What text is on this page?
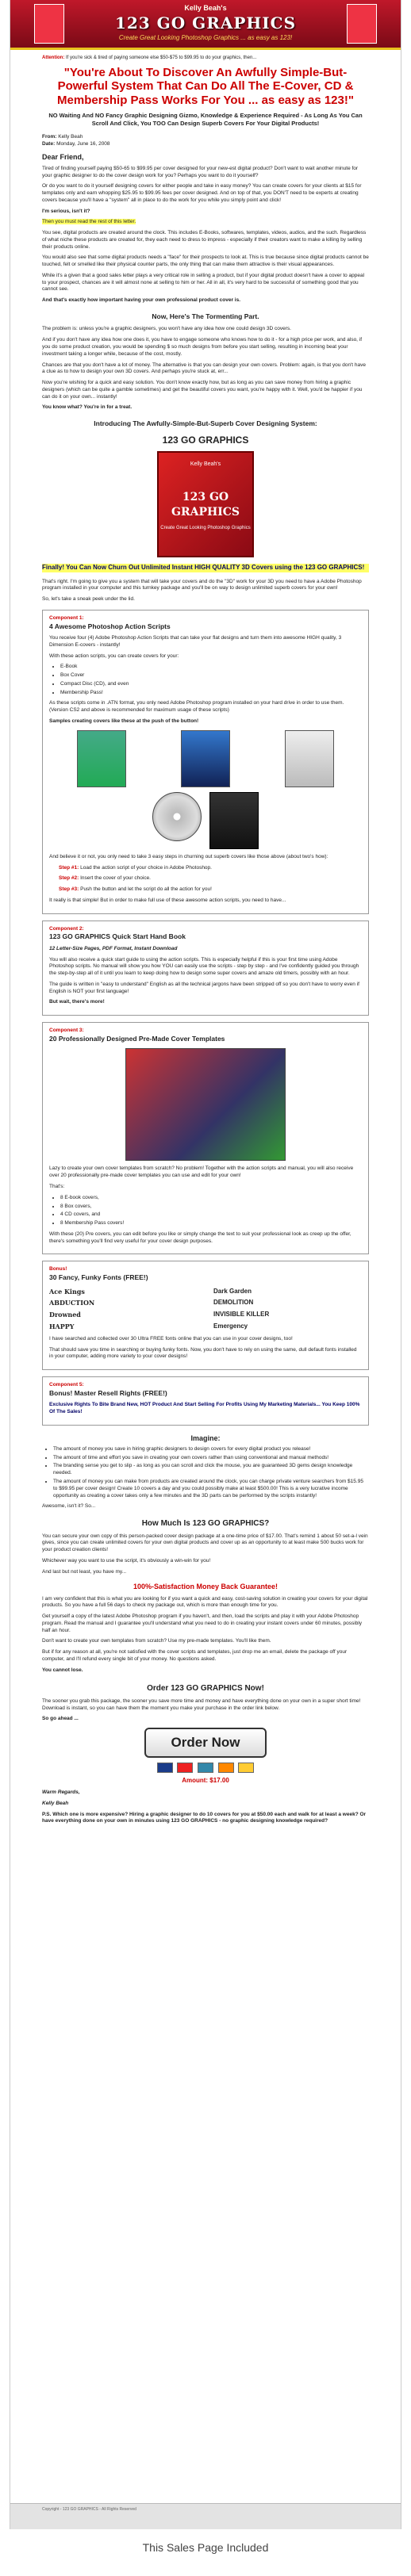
Kelly Beah's
123 GO GRAPHICS
Create Great Looking Photoshop Graphics ... as easy as 123!
Attention: If you're sick & tired of paying someone else $50-$75 to $99.95 to do your graphics, then...
"You're About To Discover An Awfully Simple-But-Powerful System That Can Do All The E-Cover, CD & Membership Pass Works For You ... as easy as 123!"
NO Waiting And NO Fancy Graphic Designing Gizmo, Knowledge & Experience Required - As Long As You Can Scroll And Click, You TOO Can Design Superb Covers For Your Digital Products!

From: Kelly Beah
Date: Monday, June 16, 2008

Dear Friend,

Tired of finding yourself paying $50-65 to $99.95 per cover designed for your new-est digital product? Don't want to wait another minute for your graphic designer to do the cover design work for you? Perhaps you want to do it yourself?

Or do you want to do it yourself designing covers for either people and take in easy money? You can create covers for your clients at $15 for templates only and earn whopping $25.95 to $99.95 fees per cover designed. And on top of that, you DON'T need to be experts at creating covers because you'll have a "system" all in place to do the work for you while you simply point and click!

I'm serious, isn't it?

Then you must read the rest of this letter.

You see, digital products are created around the clock. This includes E-Books, softwares, templates, videos, audios, and the such. Regardless of what niche these products are created for, they each need to dress to impress - especially if their creators want to make a killing by selling their products online.

You would also see that some digital products needs a "face" for their prospects to look at. This is true because since digital products cannot be touched, felt or smelled like their physical counter parts, the only thing that can make them attractive is their visual appearances.

While it's a given that a good sales letter plays a very critical role in selling a product, but if your digital product doesn't have a cover to appeal to your prospect, chances are it will almost none at selling to him or her. All in all, it's very hard to be successful of something good that you cannot see.

And that's exactly how important having your own professional product cover is.

Now, Here's The Tormenting Part.

The problem is: unless you're a graphic designers, you won't have any idea how one could design 3D covers.

And if you don't have any idea how one does it, you have to engage someone who knows how to do it - for a high price per work, and also, if you do some product creation, you would be spending $ so much designs from before you start selling, resulting in incoming beat your investment taking a longer while, because of the cost, mostly.

Chances are that you don't have a lot of money. The alternative is that you can design your own covers. Problem: again, is that you don't have a clue as to how to design your own 3D covers. And perhaps you're stuck at, err...

Now you're wishing for a quick and easy solution. You don't know exactly how, but as long as you can save money from hiring a graphic designers (which can be quite a gamble sometimes) and get the beautiful covers you want, you're happy with it. Well, you'd be happier if you can do it on your own... instantly!

You know what? You're in for a treat.

Introducing The Awfully-Simple-But-Superb Cover Designing System:
123 GO GRAPHICS
Kelly Beah's
123 GO GRAPHICS
Create Great Looking Photoshop Graphics
Finally! You Can Now Churn Out Unlimited Instant HIGH QUALITY 3D Covers using the 123 GO GRAPHICS!

That's right. I'm going to give you a system that will take your covers and do the "3D" work for your 3D you need to have a Adobe Photoshop program installed in your computer and this turnkey package and you'll be on way to design unlimited superb covers for your own!

So, let's take a sneak peek under the lid.

Component 1:
4 Awesome Photoshop Action Scripts

You receive four (4) Adobe Photoshop Action Scripts that can take your flat designs and turn them into awesome HIGH quality, 3 Dimension E-covers - instantly!

With these action scripts, you can create covers for your:

• E-Book
• Box Cover
• Compact Disc (CD), and even
• Membership Pass!

As these scripts come in .ATN format, you only need Adobe Photoshop program installed on your hard drive in order to use them. (Version CS2 and above is recommended for maximum usage of these scripts)

Samples creating covers like these at the push of the button!

And believe it or not, you only need to take 3 easy steps in churning out superb covers like those above (about two's how):

Step #1: Load the action script of your choice in Adobe Photoshop.

Step #2: Insert the cover of your choice.

Step #3: Push the button and let the script do all the action for you!

It really is that simple! But in order to make full use of these awesome action scripts, you need to have...

Component 2:
123 GO GRAPHICS Quick Start Hand Book

12 Letter-Size Pages, PDF Format, Instant Download

You will also receive a quick start guide to using the action scripts. This is especially helpful if this is your first time using Adobe Photoshop scripts. No manual will show you how YOU can easily use the scripts - step by step - and I've confidently guided you through the step-by-step all of it until you learn to keep doing how to design some super covers and amaze old timers, possibly with an hour.

The guide is written in "easy to understand" English as all the technical jargons have been stripped off so you don't have to worry even if English is NOT your first language!

But wait, there's more!

Component 3:
20 Professionally Designed Pre-Made Cover Templates

Lazy to create your own cover templates from scratch? No problem! Together with the action scripts and manual, you will also receive over 20 professionally pre-made cover templates you can use and edit for your own!

That's:

• 8 E-book covers,
• 8 Box covers,
• 4 CD covers, and
• 8 Membership Pass covers!

With these (20) Pre covers, you can edit before you like or simply change the text to suit your professional look as creep up the offer, there's something you'll find very useful for your cover design purposes.

Bonus!
30 Fancy, Funky Fonts (FREE!)
Ace Kings	Dark Garden
ABDUCTION	DEMOLITION
Drowned	INVISIBLE KILLER
HAPPY	Emergency

I have searched and collected over 30 Ultra FREE fonts online that you can use in your cover designs, too!

That should save you time in searching or buying funky fonts. Now, you don't have to rely on using the same, dull default fonts installed in your computer, adding more variety to your cover designs!

Component 5:
Bonus! Master Resell Rights (FREE!)

Exclusive Rights To Bite Brand New, HOT Product And Start Selling For Profits Using My Marketing Materials... You Keep 100% Of The Sales!

Imagine:
• The amount of money you save in hiring graphic designers to design covers for every digital product you release!
• The amount of time and effort you save in creating your own covers rather than using conventional and manual methods!
• The branding sense you get to slip - as long as you can scroll and click the mouse, you are guaranteed 3D gems design knowledge needed.
• The amount of money you can make from products are created around the clock, you can charge private venture searchers from $15.95 to $99.95 per cover design! Create 10 covers a day and you could possibly make at least $500.00! This is a very lucrative income opportunity as creating a cover takes only a few minutes and the 3D parts can be performed by the scripts instantly!

Awesome, isn't it? So...

How Much Is 123 GO GRAPHICS?

You can secure your own copy of this person-packed cover design package at a one-time price of $17.00. That's remind 1 about 50 set-a-l vein gives, since you can create unlimited covers for your own digital products and cover up as an opportunity to at least make 500 bucks work for your product creation clients!

Whichever way you want to use the script, it's obviously a win-win for you!

And last but not least, you have my...

100%-Satisfaction Money Back Guarantee!

I am very confident that this is what you are looking for if you want a quick and easy, cost-saving solution in creating your covers for your digital products. So you have a full 56 days to check my package out, which is more than enough time for you.

Get yourself a copy of the latest Adobe Photoshop program if you haven't, and then, load the scripts and play it with your Adobe Photoshop program. Read the manual and I guarantee you'll understand what you need to do in creating your instant covers under 60 minutes, possibly half an hour.

Don't want to create your own templates from scratch? Use my pre-made templates. You'll like them.

But if for any reason at all, you're not satisfied with the cover scripts and templates, just drop me an email, delete the package off your computer, and I'll refund every single bit of your money. No questions asked.

You cannot lose.

Order 123 GO GRAPHICS Now!

The sooner you grab this package, the sooner you save more time and money and have everything done on your own in a super short time! Download is instant, so you can have them the moment you make your purchase in the order link below.

So go ahead ...

Order Now

Amount: $17.00

Warm Regards,

Kelly Beah

P.S. Which one is more expensive? Hiring a graphic designer to do 10 covers for you at $50.00 each and walk for at least a week? Or have everything done on your own in minutes using 123 GO GRAPHICS - no graphic designing knowledge required?

Copyright - 123 GO GRAPHICS - All Rights Reserved
This Sales Page Included
